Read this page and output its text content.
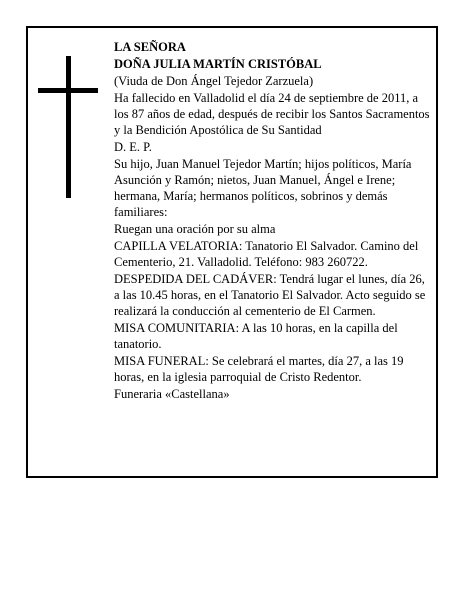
LA SEÑORA

DOÑA JULIA MARTÍN CRISTÓBAL

(Viuda de Don Ángel Tejedor Zarzuela)

Ha fallecido en Valladolid el día 24 de septiembre de 2011, a los 87 años de edad, después de recibir los Santos Sacramentos y la Bendición Apostólica de Su Santidad

D. E. P.

Su hijo, Juan Manuel Tejedor Martín; hijos políticos, María Asunción y Ramón; nietos, Juan Manuel, Ángel e Irene; hermana, María; hermanos políticos, sobrinos y demás familiares:

Ruegan una oración por su alma

CAPILLA VELATORIA: Tanatorio El Salvador. Camino del Cementerio, 21. Valladolid. Teléfono: 983 260722.

DESPEDIDA DEL CADÁVER: Tendrá lugar el lunes, día 26, a las 10.45 horas, en el Tanatorio El Salvador. Acto seguido se realizará la conducción al cementerio de El Carmen.

MISA COMUNITARIA: A las 10 horas, en la capilla del tanatorio.

MISA FUNERAL: Se celebrará el martes, día 27, a las 19 horas, en la iglesia parroquial de Cristo Redentor.

Funeraria «Castellana»
